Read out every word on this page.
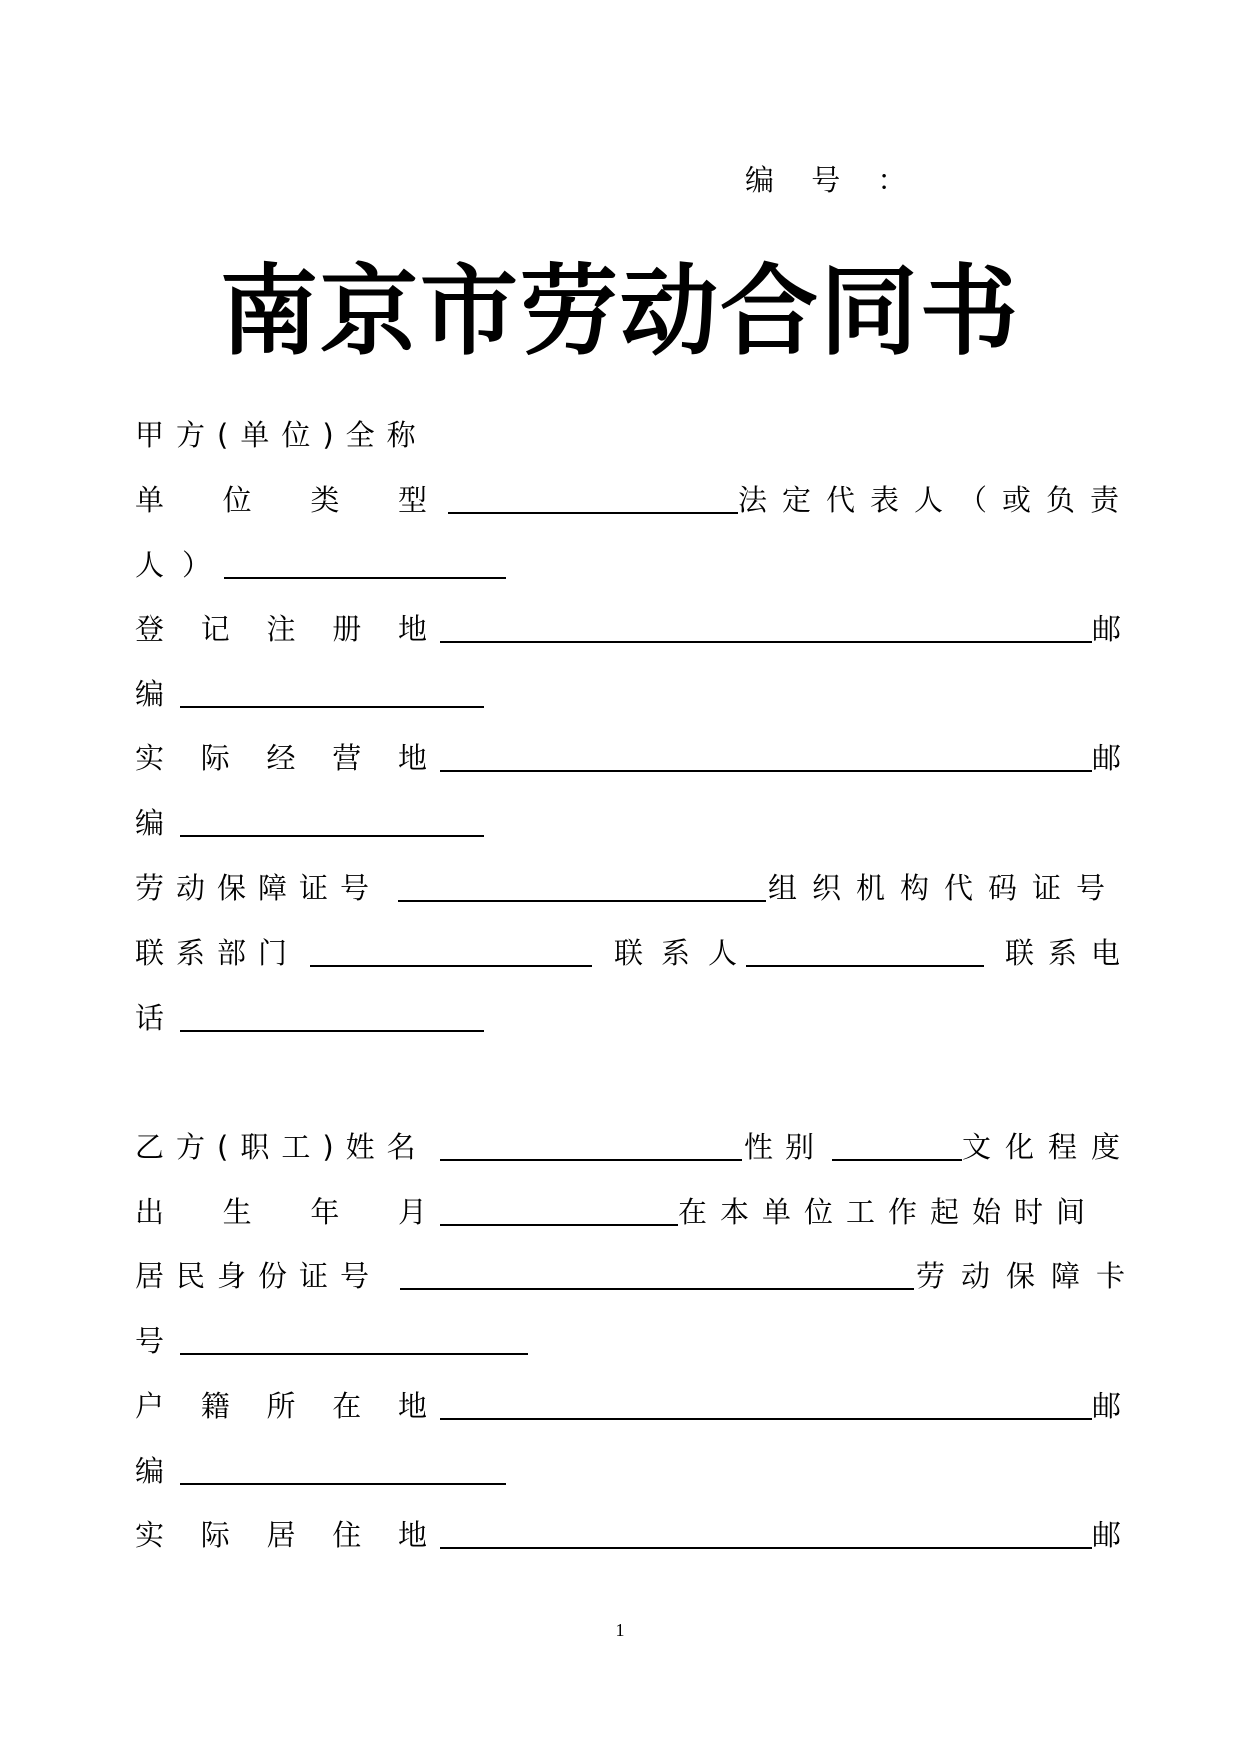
编 号 ：
南京市劳动合同书
甲方(单位)全称
单 位 类 型	法定代表人（或负责
人）
登 记 注 册 地	邮
编
实 际 经 营 地	邮
编
劳动保障证号	组织机构代码证号
联系部门	联系人	联系电
话
乙方(职工)姓名	性别	文化程度
出 生 年 月	在本单位工作起始时间
居民身份证号	劳动保障卡
号
户 籍 所 在 地	邮
编
实 际 居 住 地	邮
1
